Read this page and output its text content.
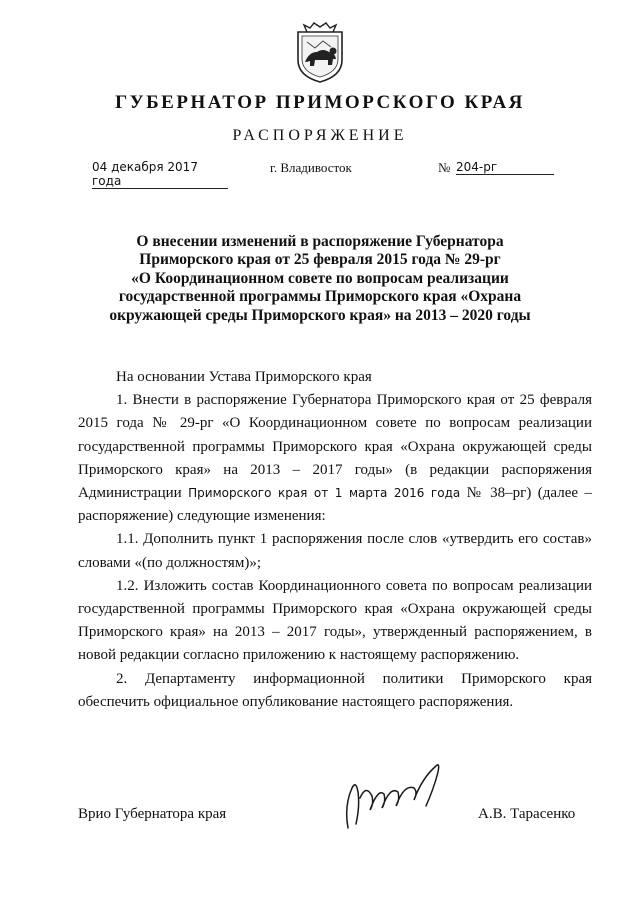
ГУБЕРНАТОР ПРИМОРСКОГО КРАЯ
РАСПОРЯЖЕНИЕ
04 декабря 2017 года
г. Владивосток	№ 204-рг
О внесении изменений в распоряжение Губернатора
Приморского края от 25 февраля 2015 года № 29-рг
«О Координационном совете по вопросам реализации
государственной программы Приморского края «Охрана
окружающей среды Приморского края» на 2013 – 2020 годы

На основании Устава Приморского края

1. Внести в распоряжение Губернатора Приморского края от 25 февраля 2015 года № 29-рг «О Координационном совете по вопросам реализации государственной программы Приморского края «Охрана окружающей среды Приморского края» на 2013 – 2017 годы» (в редакции распоряжения Администрации Приморского края от 1 марта 2016 года № 38–рг) (далее – распоряжение) следующие изменения:

1.1. Дополнить пункт 1 распоряжения после слов «утвердить его состав» словами «(по должностям)»;

1.2. Изложить состав Координационного совета по вопросам реализации государственной программы Приморского края «Охрана окружающей среды Приморского края» на 2013 – 2017 годы», утвержденный распоряжением, в новой редакции согласно приложению к настоящему распоряжению.

2. Департаменту информационной политики Приморского края обеспечить официальное опубликование настоящего распоряжения.

Врио Губернатора края	А.В. Тарасенко
